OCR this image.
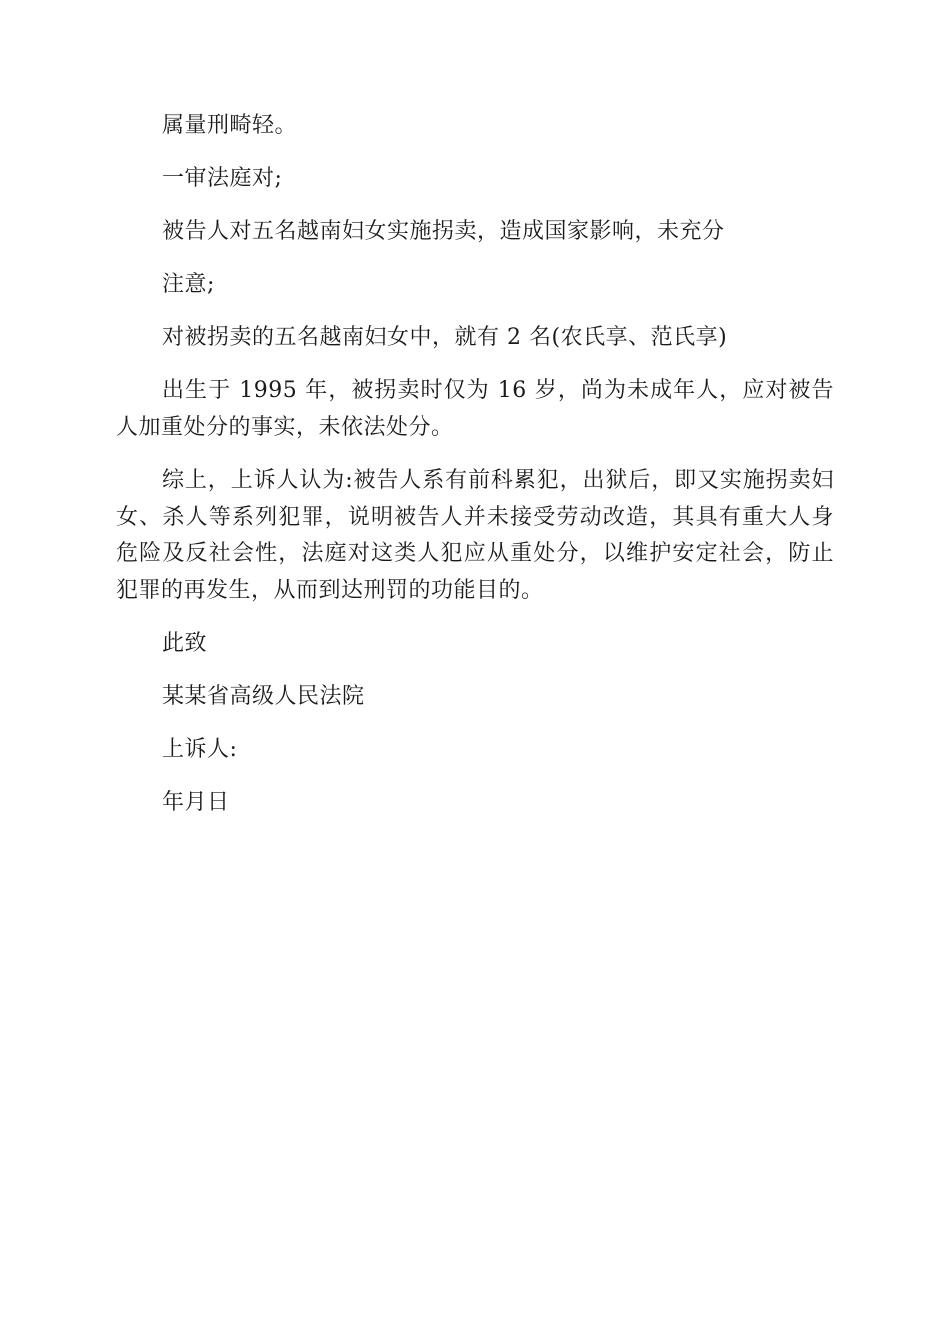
属量刑畸轻。

一审法庭对;

被告人对五名越南妇女实施拐卖，造成国家影响，未充分

注意;

对被拐卖的五名越南妇女中，就有 2 名(农氏享、范氏享)

出生于 1995 年，被拐卖时仅为 16 岁，尚为未成年人，应对被告人加重处分的事实，未依法处分。

综上，上诉人认为:被告人系有前科累犯，出狱后，即又实施拐卖妇女、杀人等系列犯罪，说明被告人并未接受劳动改造，其具有重大人身危险及反社会性，法庭对这类人犯应从重处分，以维护安定社会，防止犯罪的再发生，从而到达刑罚的功能目的。

此致

某某省高级人民法院

上诉人:

年月日
